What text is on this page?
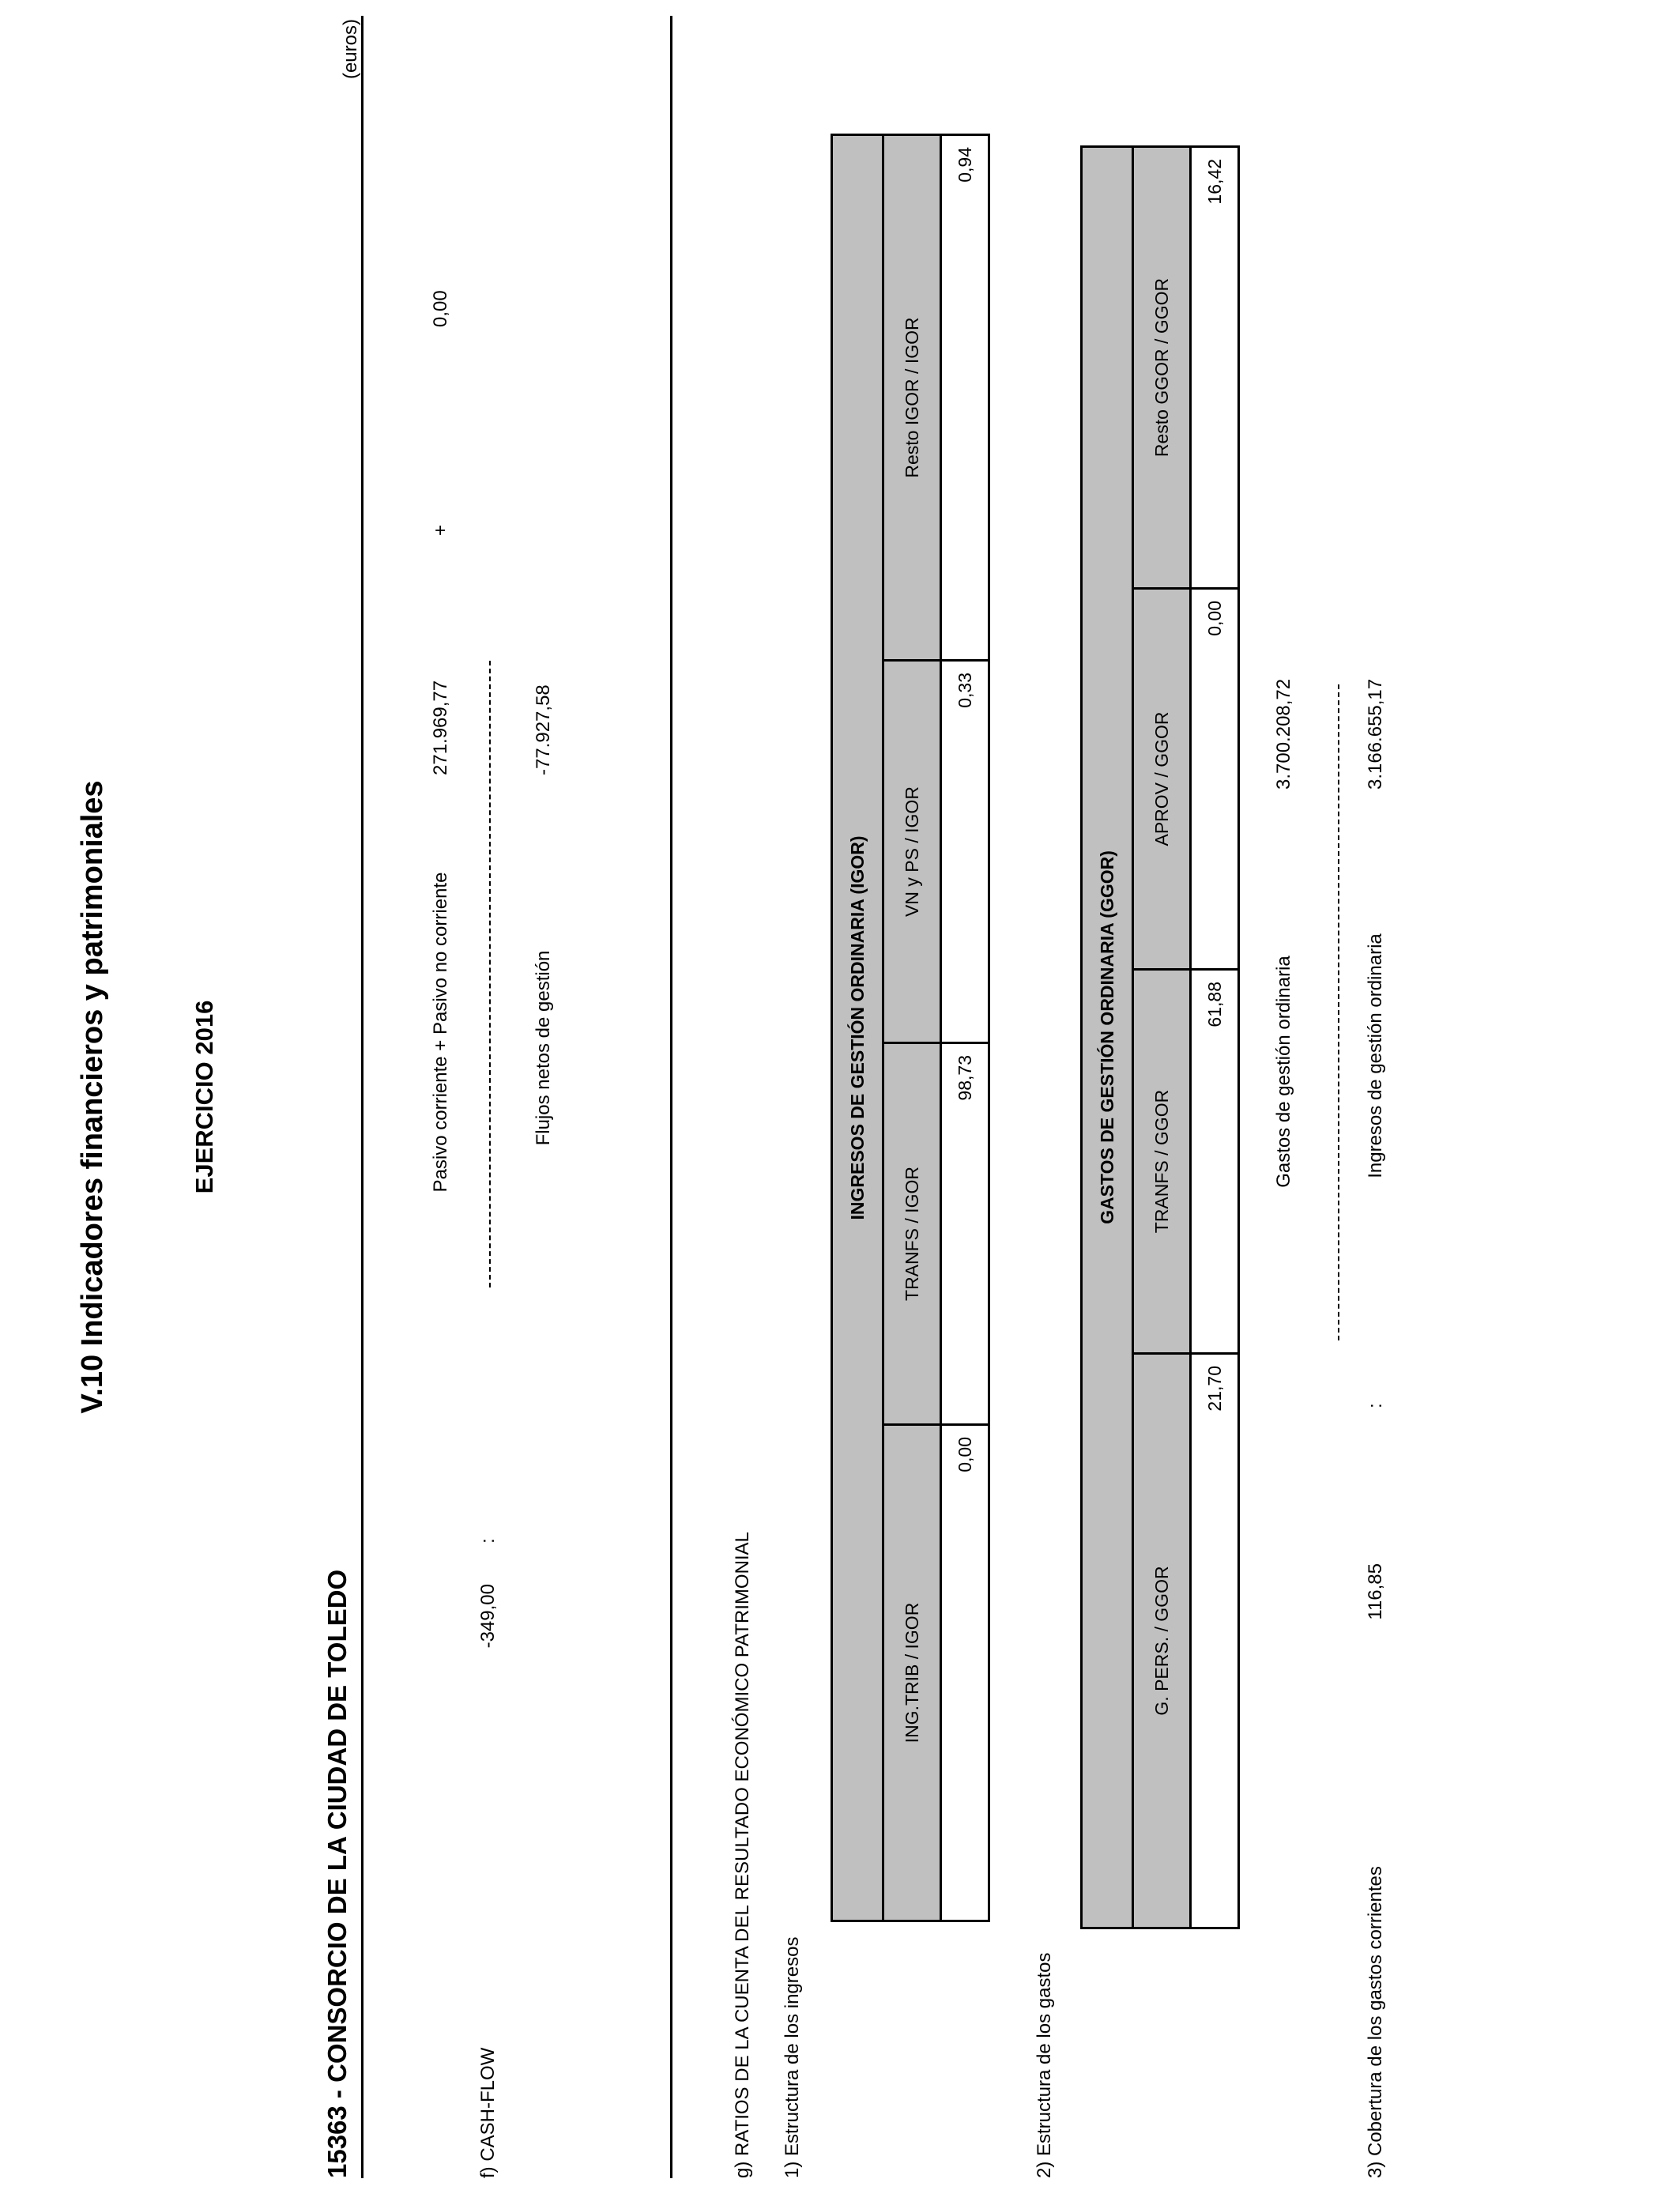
V.10 Indicadores financieros y patrimoniales	EJERCICIO 2016
15363 - CONSORCIO DE LA CIUDAD DE TOLEDO
(euros)
f) CASH-FLOW
-349,00
:
Pasivo corriente + Pasivo no corriente
271.969,77
+
0,00
Flujos netos de gestión
-77.927,58
g) RATIOS DE LA CUENTA DEL RESULTADO ECONÓMICO PATRIMONIAL 1) Estructura de los ingresos
INGRESOS DE GESTIÓN ORDINARIA (IGOR)			
ING.TRIB / IGOR	TRANFS / IGOR	VN y PS / IGOR	Resto IGOR / IGOR
0,00	98,73	0,33	0,94
2) Estructura de los gastos
GASTOS DE GESTIÓN ORDINARIA (GGOR)			
G. PERS. / GGOR	TRANFS / GGOR	APROV / GGOR	Resto GGOR / GGOR
21,70	61,88	0,00	16,42
3) Cobertura de los gastos corrientes
116,85
:
Gastos de gestión ordinaria
3.700.208,72
Ingresos de gestión ordinaria
3.166.655,17
